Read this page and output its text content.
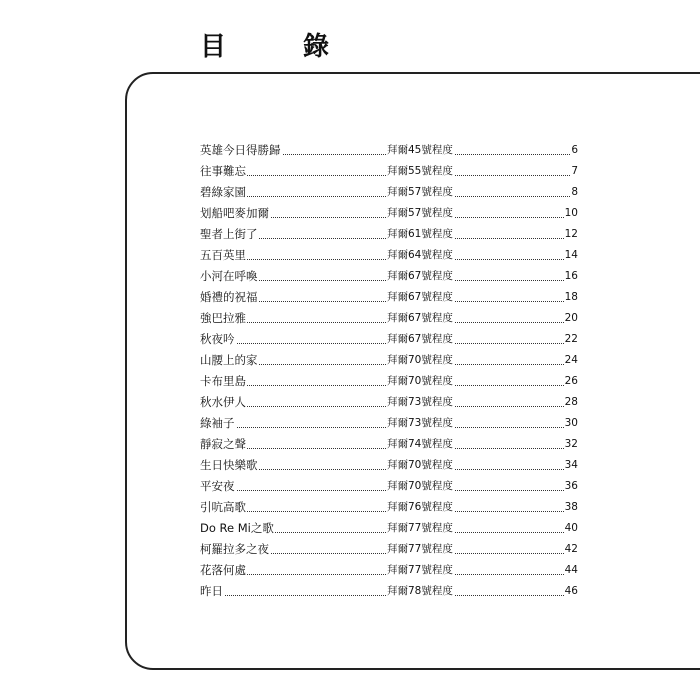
目 錄
英雄今日得勝歸	拜爾45號程度	6
往事難忘	拜爾55號程度	7
碧綠家園	拜爾57號程度	8
划船吧麥加爾	拜爾57號程度	10
聖者上街了	拜爾61號程度	12
五百英里	拜爾64號程度	14
小河在呼喚	拜爾67號程度	16
婚禮的祝福	拜爾67號程度	18
強巴拉雅	拜爾67號程度	20
秋夜吟	拜爾67號程度	22
山腰上的家	拜爾70號程度	24
卡布里島	拜爾70號程度	26
秋水伊人	拜爾73號程度	28
綠袖子	拜爾73號程度	30
靜寂之聲	拜爾74號程度	32
生日快樂歌	拜爾70號程度	34
平安夜	拜爾70號程度	36
引吭高歌	拜爾76號程度	38
Do Re Mi之歌	拜爾77號程度	40
柯羅拉多之夜	拜爾77號程度	42
花落何處	拜爾77號程度	44
昨日	拜爾78號程度	46
